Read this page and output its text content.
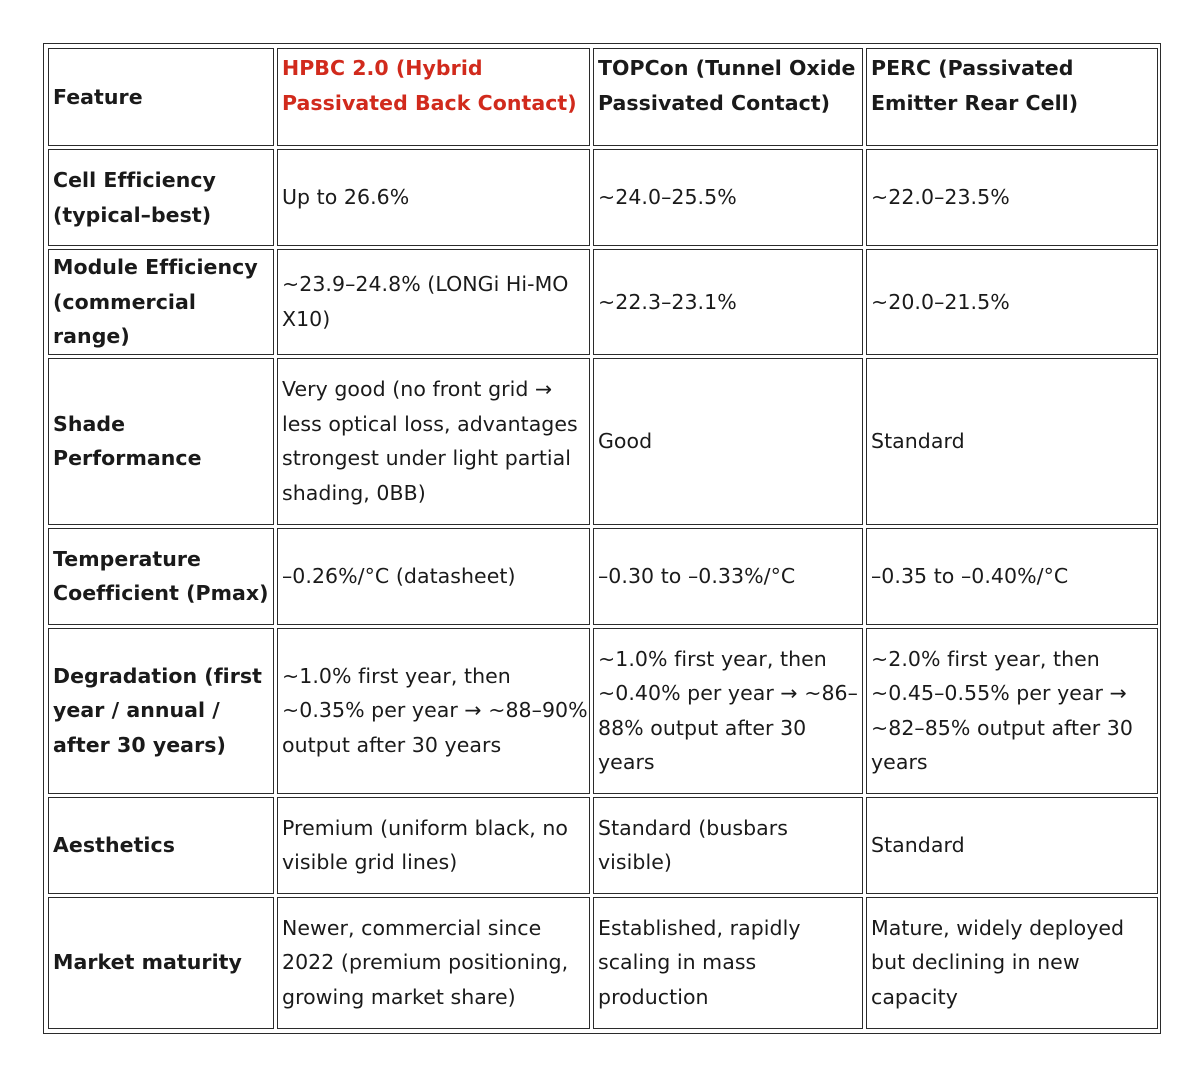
Feature	HPBC 2.0 (Hybrid Passivated Back Contact)	TOPCon (Tunnel Oxide Passivated Contact)	PERC (Passivated Emitter Rear Cell)

Cell Efficiency (typical–best)	Up to 26.6%	~24.0–25.5%	~22.0–23.5%
Module Efficiency (commercial range)	~23.9–24.8% (LONGi Hi-MO X10)	~22.3–23.1%	~20.0–21.5%
Shade Performance	Very good (no front grid → less optical loss, advantages strongest under light partial shading, 0BB)	Good	Standard
Temperature Coefficient (Pmax)	–0.26%/°C (datasheet)	–0.30 to –0.33%/°C	–0.35 to –0.40%/°C
Degradation (first year / annual / after 30 years)	~1.0% first year, then ~0.35% per year → ~88–90% output after 30 years	~1.0% first year, then ~0.40% per year → ~86–88% output after 30 years	~2.0% first year, then ~0.45–0.55% per year → ~82–85% output after 30 years
Aesthetics	Premium (uniform black, no visible grid lines)	Standard (busbars visible)	Standard
Market maturity	Newer, commercial since 2022 (premium positioning, growing market share)	Established, rapidly scaling in mass production	Mature, widely deployed but declining in new capacity
